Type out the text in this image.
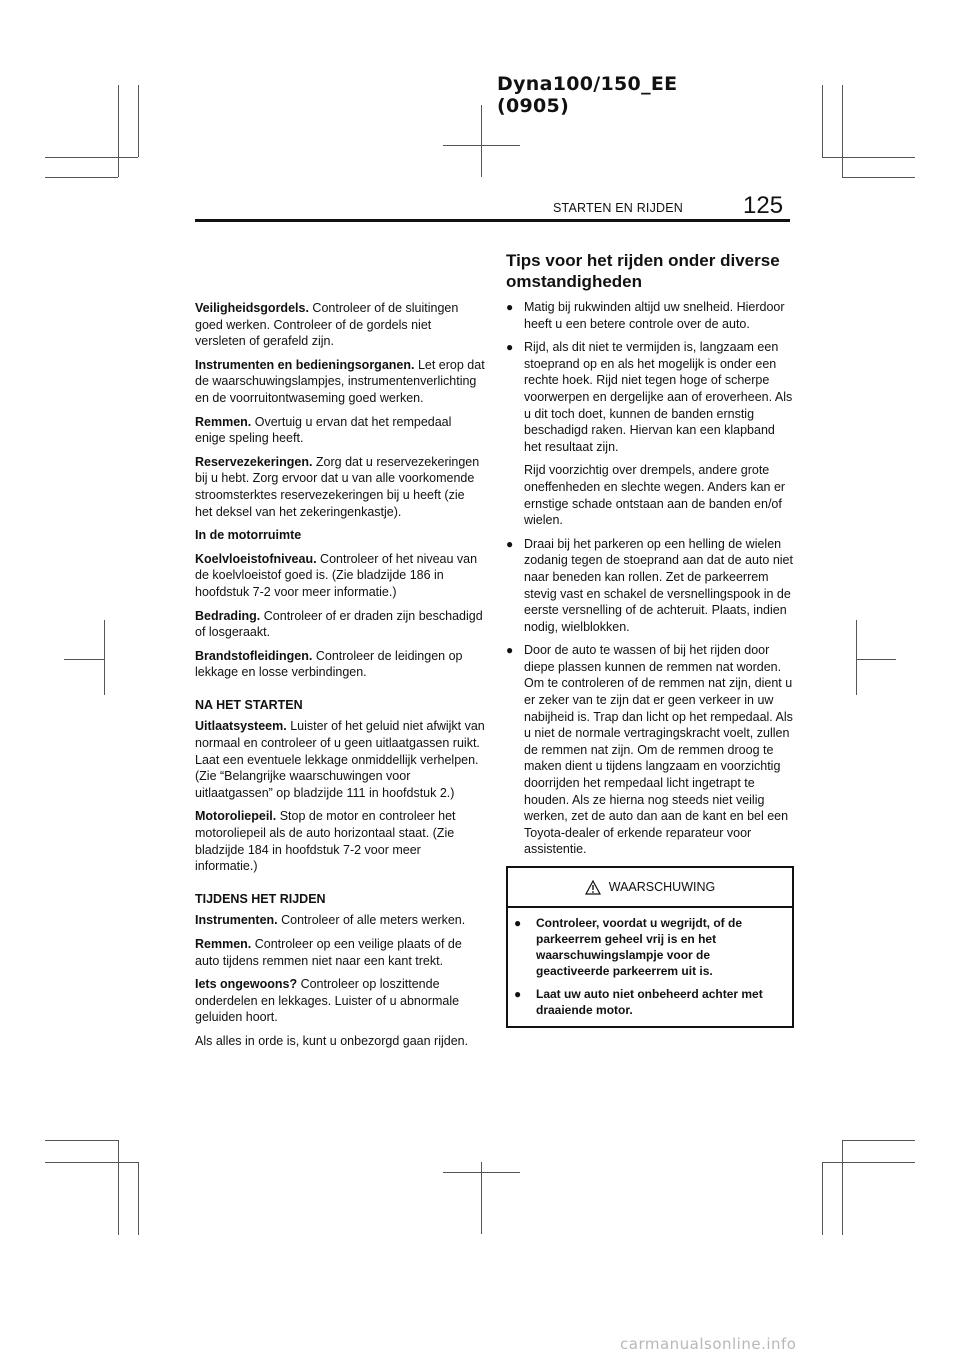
Dyna100/150_EE (0905)
STARTEN EN RIJDEN 125

Veiligheidsgordels. Controleer of de sluitingen goed werken. Controleer of de gordels niet versleten of gerafeld zijn.

Instrumenten en bedieningsorganen. Let erop dat de waarschuwingslampjes, instrumentenverlichting en de voorruitontwaseming goed werken.

Remmen. Overtuig u ervan dat het rempedaal enige speling heeft.

Reservezekeringen. Zorg dat u reservezekeringen bij u hebt. Zorg ervoor dat u van alle voorkomende stroomsterktes reservezekeringen bij u heeft (zie het deksel van het zekeringenkastje).

In de motorruimte

Koelvloeistofniveau. Controleer of het niveau van de koelvloeistof goed is. (Zie bladzijde 186 in hoofdstuk 7-2 voor meer informatie.)

Bedrading. Controleer of er draden zijn beschadigd of losgeraakt.

Brandstofleidingen. Controleer de leidingen op lekkage en losse verbindingen.

NA HET STARTEN

Uitlaatsysteem. Luister of het geluid niet afwijkt van normaal en controleer of u geen uitlaatgassen ruikt. Laat een eventuele lekkage onmiddellijk verhelpen. (Zie “Belangrijke waarschuwingen voor uitlaatgassen” op bladzijde 111 in hoofdstuk 2.)

Motoroliepeil. Stop de motor en controleer het motoroliepeil als de auto horizontaal staat. (Zie bladzijde 184 in hoofdstuk 7-2 voor meer informatie.)

TIJDENS HET RIJDEN

Instrumenten. Controleer of alle meters werken.

Remmen. Controleer op een veilige plaats of de auto tijdens remmen niet naar een kant trekt.

Iets ongewoons? Controleer op loszittende onderdelen en lekkages. Luister of u abnormale geluiden hoort.

Als alles in orde is, kunt u onbezorgd gaan rijden.

Tips voor het rijden onder diverse omstandigheden
● Matig bij rukwinden altijd uw snelheid. Hierdoor heeft u een betere controle over de auto.
● Rijd, als dit niet te vermijden is, langzaam een stoeprand op en als het mogelijk is onder een rechte hoek. Rijd niet tegen hoge of scherpe voorwerpen en dergelijke aan of eroverheen. Als u dit toch doet, kunnen de banden ernstig beschadigd raken. Hiervan kan een klapband het resultaat zijn.

Rijd voorzichtig over drempels, andere grote oneffenheden en slechte wegen. Anders kan er ernstige schade ontstaan aan de banden en/of wielen.

● Draai bij het parkeren op een helling de wielen zodanig tegen de stoeprand aan dat de auto niet naar beneden kan rollen. Zet de parkeerrem stevig vast en schakel de versnellingspook in de eerste versnelling of de achteruit. Plaats, indien nodig, wielblokken.
● Door de auto te wassen of bij het rijden door diepe plassen kunnen de remmen nat worden. Om te controleren of de remmen nat zijn, dient u er zeker van te zijn dat er geen verkeer in uw nabijheid is. Trap dan licht op het rempedaal. Als u niet de normale vertragingskracht voelt, zullen de remmen nat zijn. Om de remmen droog te maken dient u tijdens langzaam en voorzichtig doorrijden het rempedaal licht ingetrapt te houden. Als ze hierna nog steeds niet veilig werken, zet de auto dan aan de kant en bel een Toyota-dealer of erkende reparateur voor assistentie.
WAARSCHUWING
● Controleer, voordat u wegrijdt, of de parkeerrem geheel vrij is en het waarschuwingslampje voor de geactiveerde parkeerrem uit is.
● Laat uw auto niet onbeheerd achter met draaiende motor.
carmanualsonline.info
